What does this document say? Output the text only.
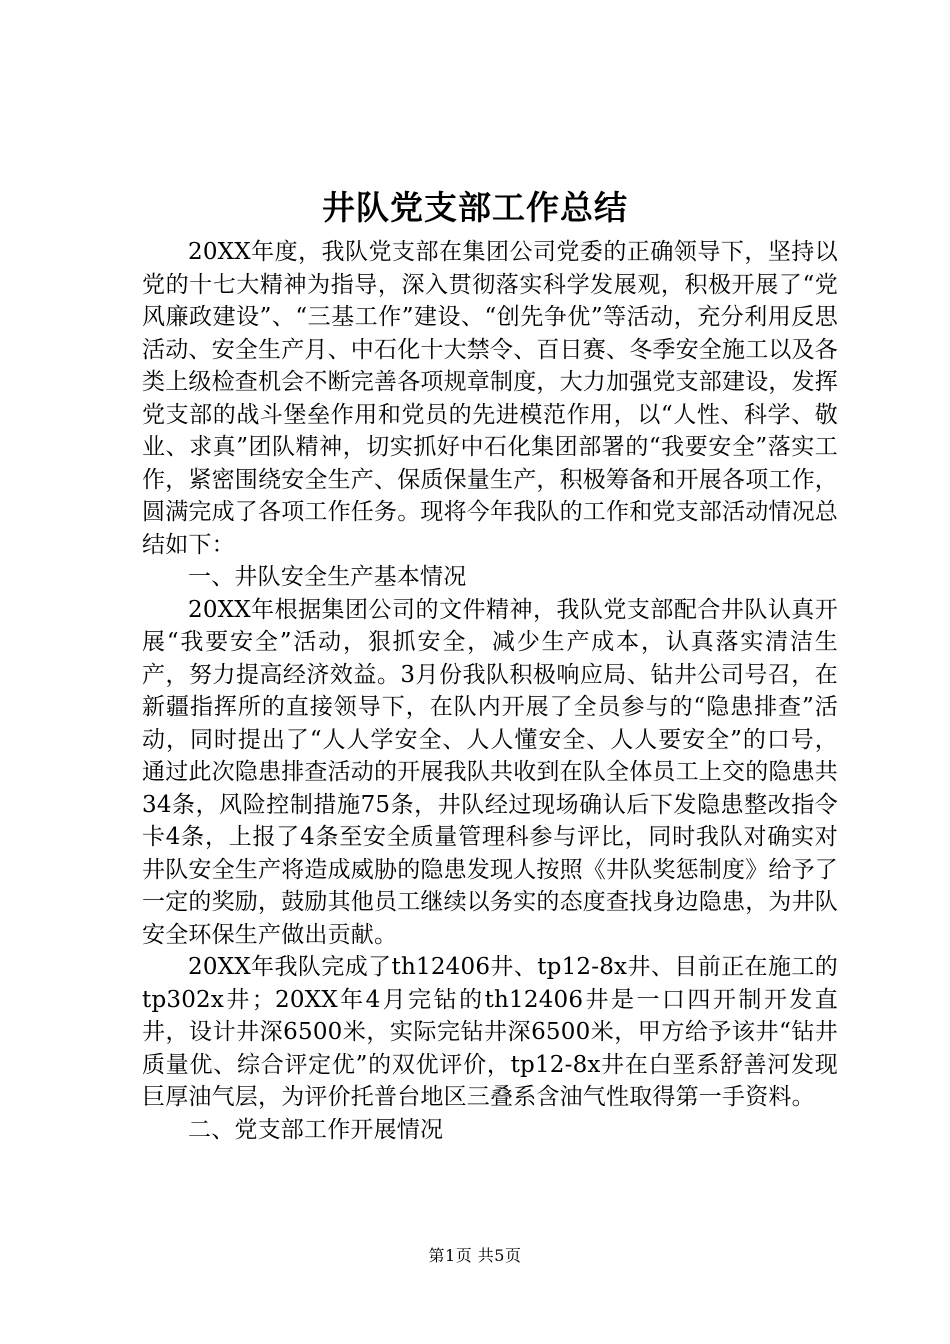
井队党支部工作总结

20XX年度，我队党支部在集团公司党委的正确领导下，坚持以党的十七大精神为指导，深入贯彻落实科学发展观，积极开展了“党风廉政建设”、“三基工作”建设、“创先争优”等活动，充分利用反思活动、安全生产月、中石化十大禁令、百日赛、冬季安全施工以及各类上级检查机会不断完善各项规章制度，大力加强党支部建设，发挥党支部的战斗堡垒作用和党员的先进模范作用，以“人性、科学、敬业、求真”团队精神，切实抓好中石化集团部署的“我要安全”落实工作，紧密围绕安全生产、保质保量生产，积极筹备和开展各项工作，圆满完成了各项工作任务。现将今年我队的工作和党支部活动情况总结如下：

一、井队安全生产基本情况

20XX年根据集团公司的文件精神，我队党支部配合井队认真开展“我要安全”活动，狠抓安全，减少生产成本，认真落实清洁生产，努力提高经济效益。3月份我队积极响应局、钻井公司号召，在新疆指挥所的直接领导下，在队内开展了全员参与的“隐患排查”活动，同时提出了“人人学安全、人人懂安全、人人要安全”的口号，通过此次隐患排查活动的开展我队共收到在队全体员工上交的隐患共34条，风险控制措施75条，井队经过现场确认后下发隐患整改指令卡4条，上报了4条至安全质量管理科参与评比，同时我队对确实对井队安全生产将造成威胁的隐患发现人按照《井队奖惩制度》给予了一定的奖励，鼓励其他员工继续以务实的态度查找身边隐患，为井队安全环保生产做出贡献。

20XX年我队完成了th12406井、tp12-8x井、目前正在施工的tp302x井；20XX年4月完钻的th12406井是一口四开制开发直井，设计井深6500米，实际完钻井深6500米，甲方给予该井“钻井质量优、综合评定优”的双优评价，tp12-8x井在白垩系舒善河发现巨厚油气层，为评价托普台地区三叠系含油气性取得第一手资料。

二、党支部工作开展情况

第1页 共5页
